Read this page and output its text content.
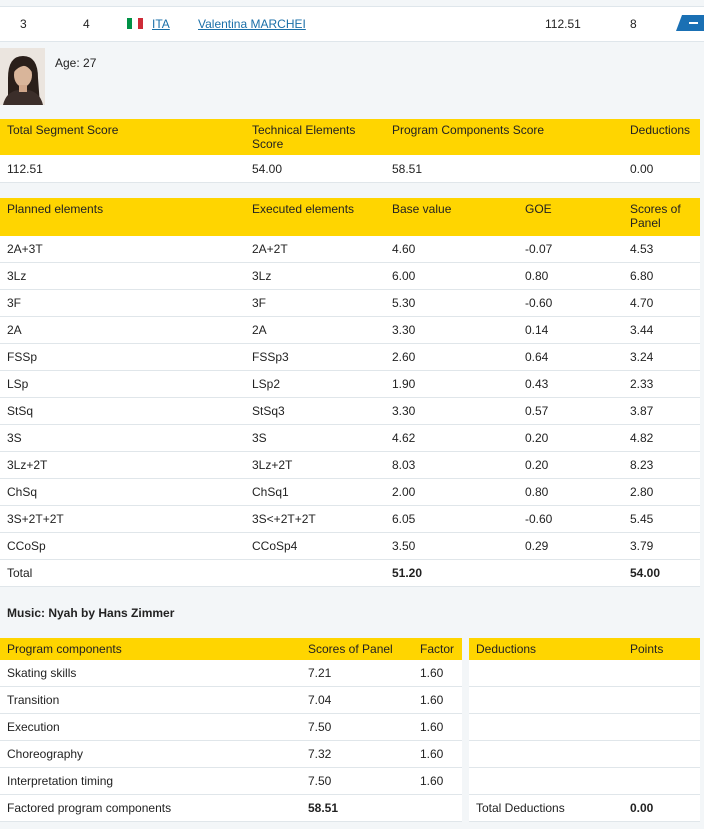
3	4	ITA Valentina MARCHEI	112.51	8
Age: 27
Total Segment Score	Technical Elements Score	Program Components Score	Deductions
112.51	54.00	58.51	0.00
Planned elements	Executed elements	Base value	GOE	Scores of Panel
2A+3T	2A+2T	4.60	-0.07	4.53
3Lz	3Lz	6.00	0.80	6.80
3F	3F	5.30	-0.60	4.70
2A	2A	3.30	0.14	3.44
FSSp	FSSp3	2.60	0.64	3.24
LSp	LSp2	1.90	0.43	2.33
StSq	StSq3	3.30	0.57	3.87
3S	3S	4.62	0.20	4.82
3Lz+2T	3Lz+2T	8.03	0.20	8.23
ChSq	ChSq1	2.00	0.80	2.80
3S+2T+2T	3S<+2T+2T	6.05	-0.60	5.45
CCoSp	CCoSp4	3.50	0.29	3.79
Total		51.20		54.00
Music: Nyah by Hans Zimmer
Program components	Scores of Panel	Factor
Skating skills	7.21	1.60
Transition	7.04	1.60
Execution	7.50	1.60
Choreography	7.32	1.60
Interpretation timing	7.50	1.60
Factored program components	58.51	
Deductions	Points

Total Deductions	0.00
